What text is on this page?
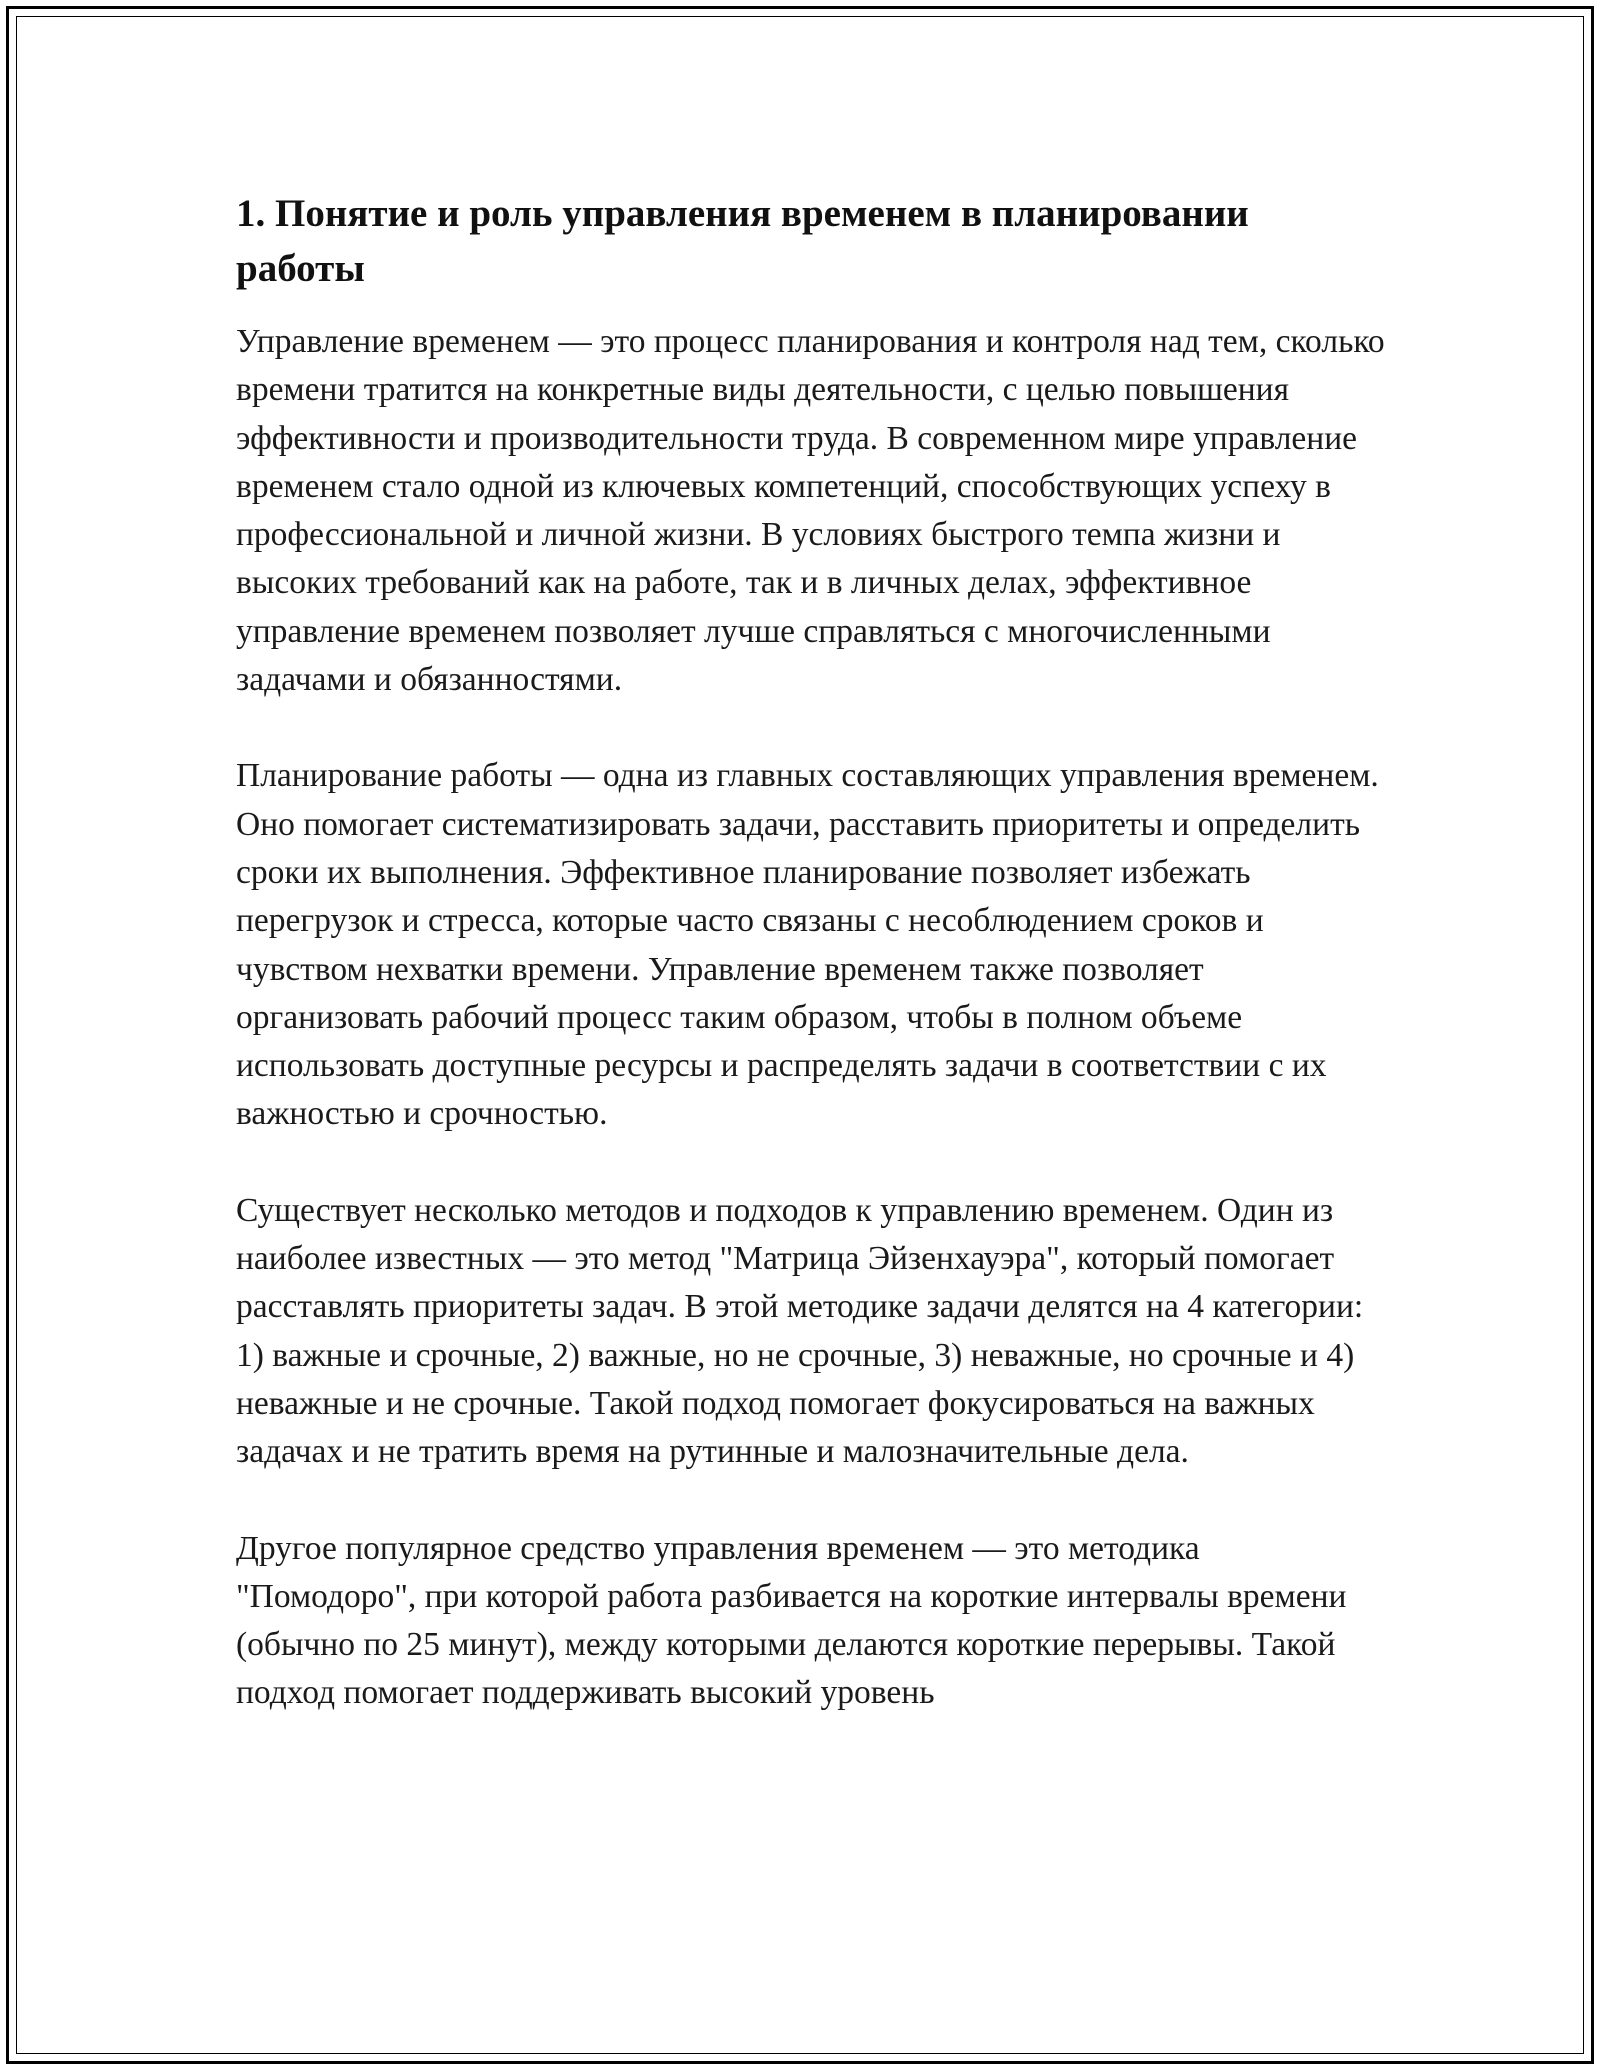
1. Понятие и роль управления временем в планировании работы

Управление временем — это процесс планирования и контроля над тем, сколько времени тратится на конкретные виды деятельности, с целью повышения эффективности и производительности труда. В современном мире управление временем стало одной из ключевых компетенций, способствующих успеху в профессиональной и личной жизни. В условиях быстрого темпа жизни и высоких требований как на работе, так и в личных делах, эффективное управление временем позволяет лучше справляться с многочисленными задачами и обязанностями.

Планирование работы — одна из главных составляющих управления временем. Оно помогает систематизировать задачи, расставить приоритеты и определить сроки их выполнения. Эффективное планирование позволяет избежать перегрузок и стресса, которые часто связаны с несоблюдением сроков и чувством нехватки времени. Управление временем также позволяет организовать рабочий процесс таким образом, чтобы в полном объеме использовать доступные ресурсы и распределять задачи в соответствии с их важностью и срочностью.

Существует несколько методов и подходов к управлению временем. Один из наиболее известных — это метод "Матрица Эйзенхауэра", который помогает расставлять приоритеты задач. В этой методике задачи делятся на 4 категории: 1) важные и срочные, 2) важные, но не срочные, 3) неважные, но срочные и 4) неважные и не срочные. Такой подход помогает фокусироваться на важных задачах и не тратить время на рутинные и малозначительные дела.

Другое популярное средство управления временем — это методика "Помодоро", при которой работа разбивается на короткие интервалы времени (обычно по 25 минут), между которыми делаются короткие перерывы. Такой подход помогает поддерживать высокий уровень
